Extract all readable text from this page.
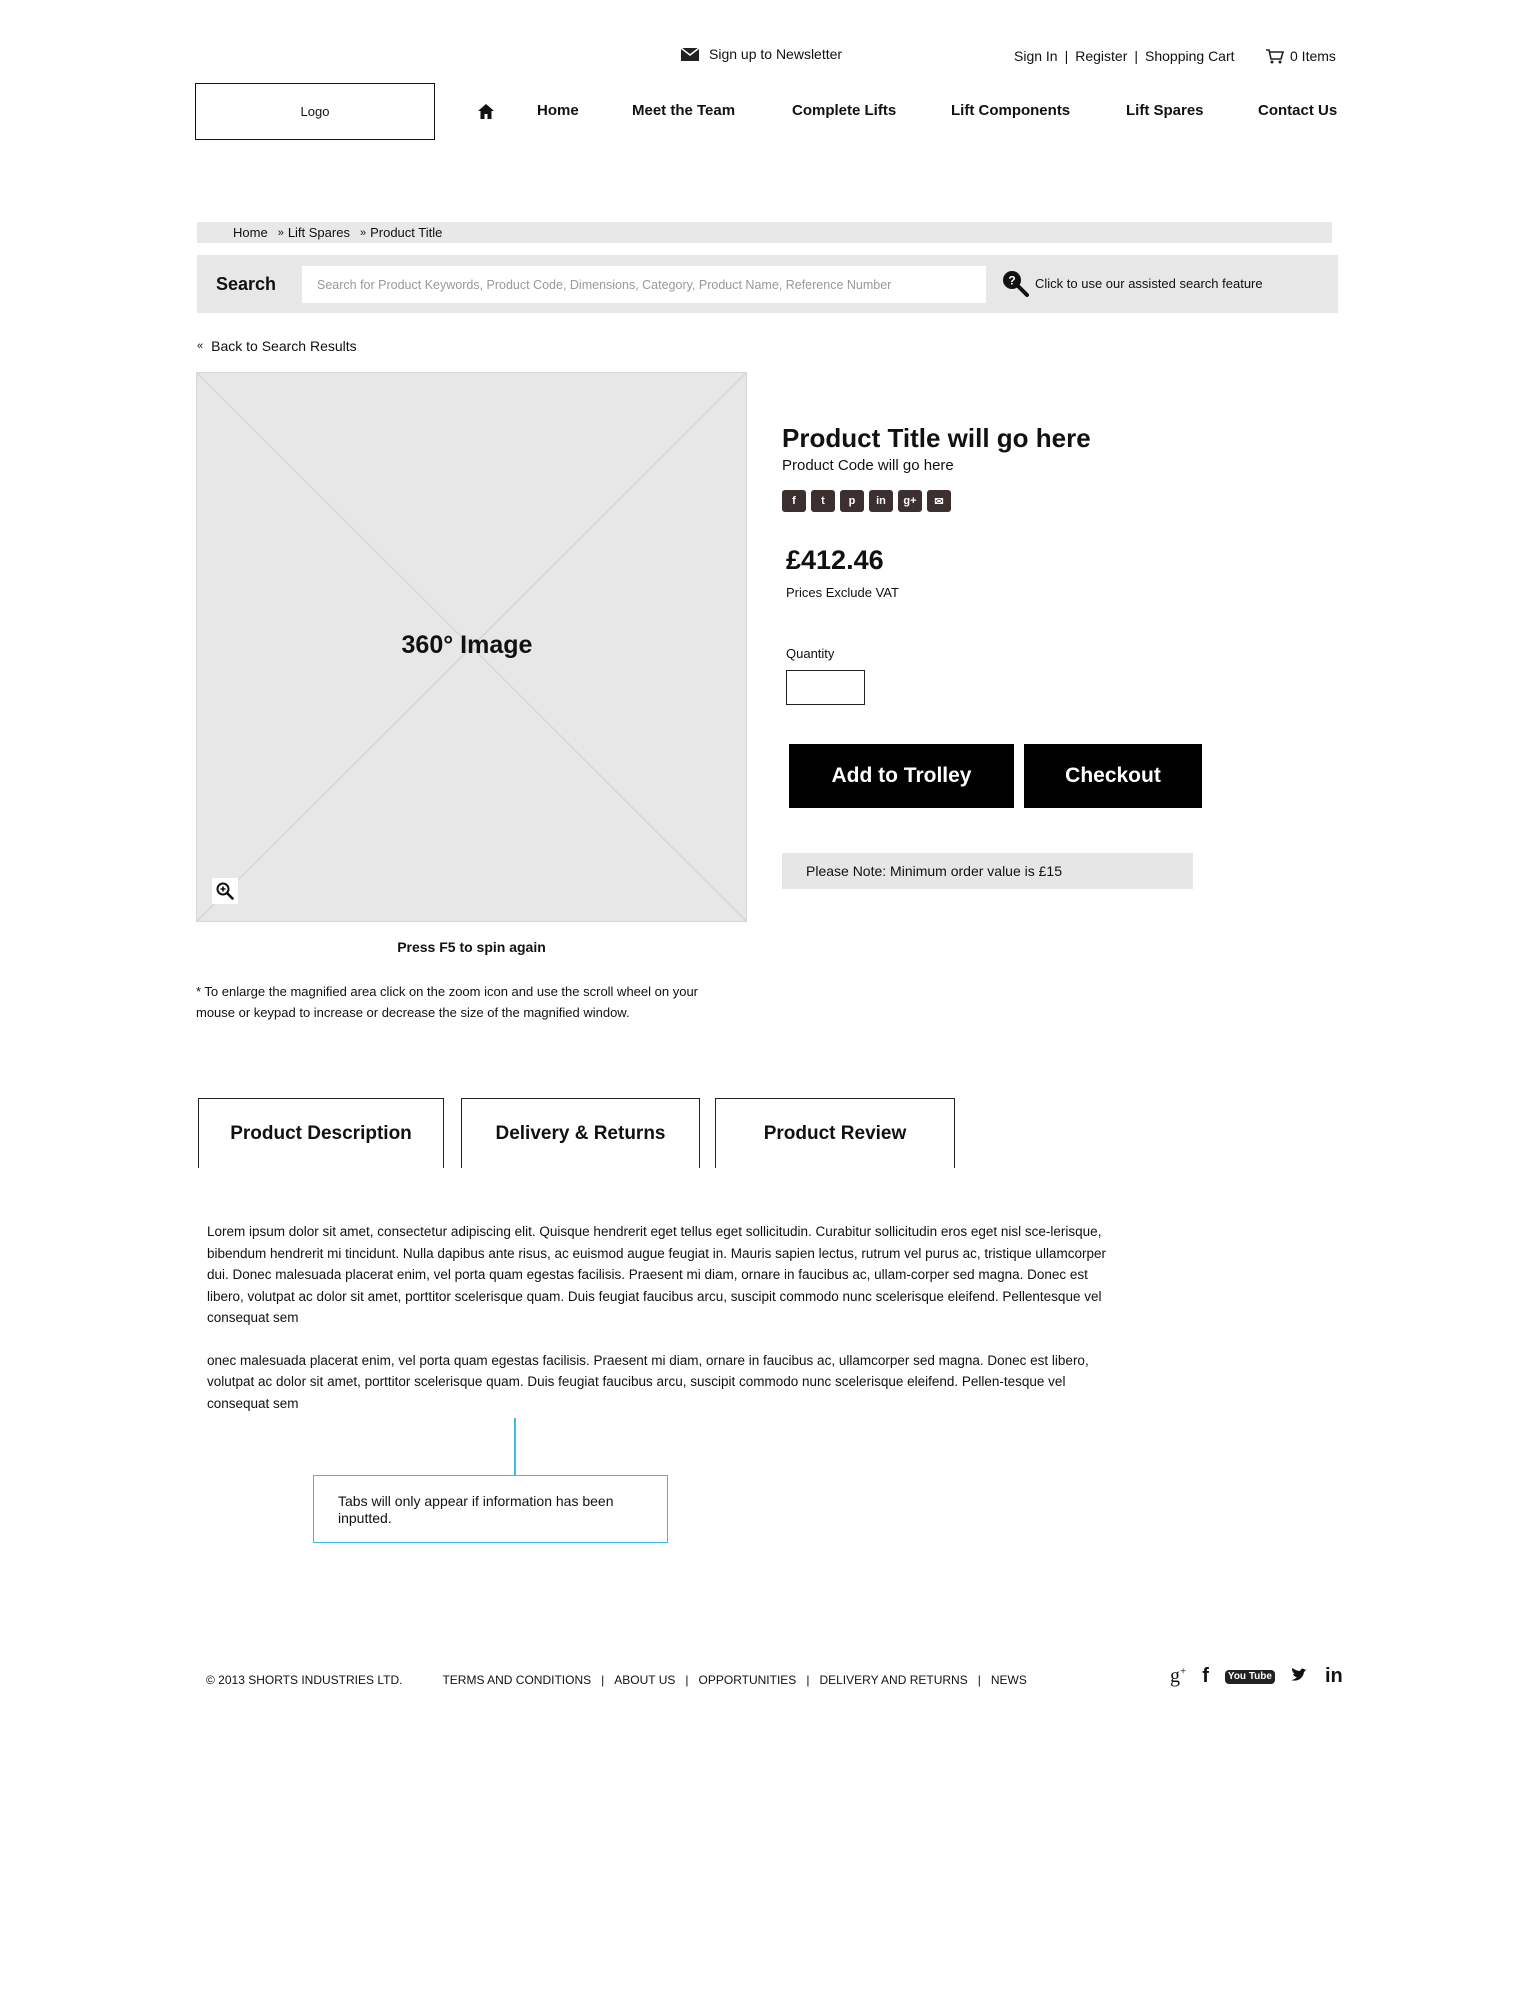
Sign up to Newsletter	Sign In | Register | Shopping Cart	0 Items
Logo	Home	Meet the Team	Complete Lifts	Lift Components	Lift Spares	Contact Us
Home » Lift Spares » Product Title
Search
Search for Product Keywords, Product Code, Dimensions, Category, Product Name, Reference Number	? Click to use our assisted search feature
« Back to Search Results
360° Image
Press F5 to spin again
* To enlarge the magnified area click on the zoom icon and use the scroll wheel on your mouse or keypad to increase or decrease the size of the magnified window.
Product Title will go here
Product Code will go here
f	t	p	in	g+	✉
£412.46
Prices Exclude VAT
Quantity
Add to Trolley	Checkout
Please Note: Minimum order value is £15
Product Description	Delivery & Returns	Product Review

Lorem ipsum dolor sit amet, consectetur adipiscing elit. Quisque hendrerit eget tellus eget sollicitudin. Curabitur sollicitudin eros eget nisl sce-lerisque, bibendum hendrerit mi tincidunt. Nulla dapibus ante risus, ac euismod augue feugiat in. Mauris sapien lectus, rutrum vel purus ac, tristique ullamcorper dui. Donec malesuada placerat enim, vel porta quam egestas facilisis. Praesent mi diam, ornare in faucibus ac, ullam-corper sed magna. Donec est libero, volutpat ac dolor sit amet, porttitor scelerisque quam. Duis feugiat faucibus arcu, suscipit commodo nunc scelerisque eleifend. Pellentesque vel consequat sem

onec malesuada placerat enim, vel porta quam egestas facilisis. Praesent mi diam, ornare in faucibus ac, ullamcorper sed magna. Donec est libero, volutpat ac dolor sit amet, porttitor scelerisque quam. Duis feugiat faucibus arcu, suscipit commodo nunc scelerisque eleifend. Pellen-tesque vel consequat sem

Tabs will only appear if information has been inputted.
© 2013 SHORTS INDUSTRIES LTD.	TERMS AND CONDITIONS | ABOUT US | OPPORTUNITIES | DELIVERY AND RETURNS | NEWS	g+ f	You Tube	in
